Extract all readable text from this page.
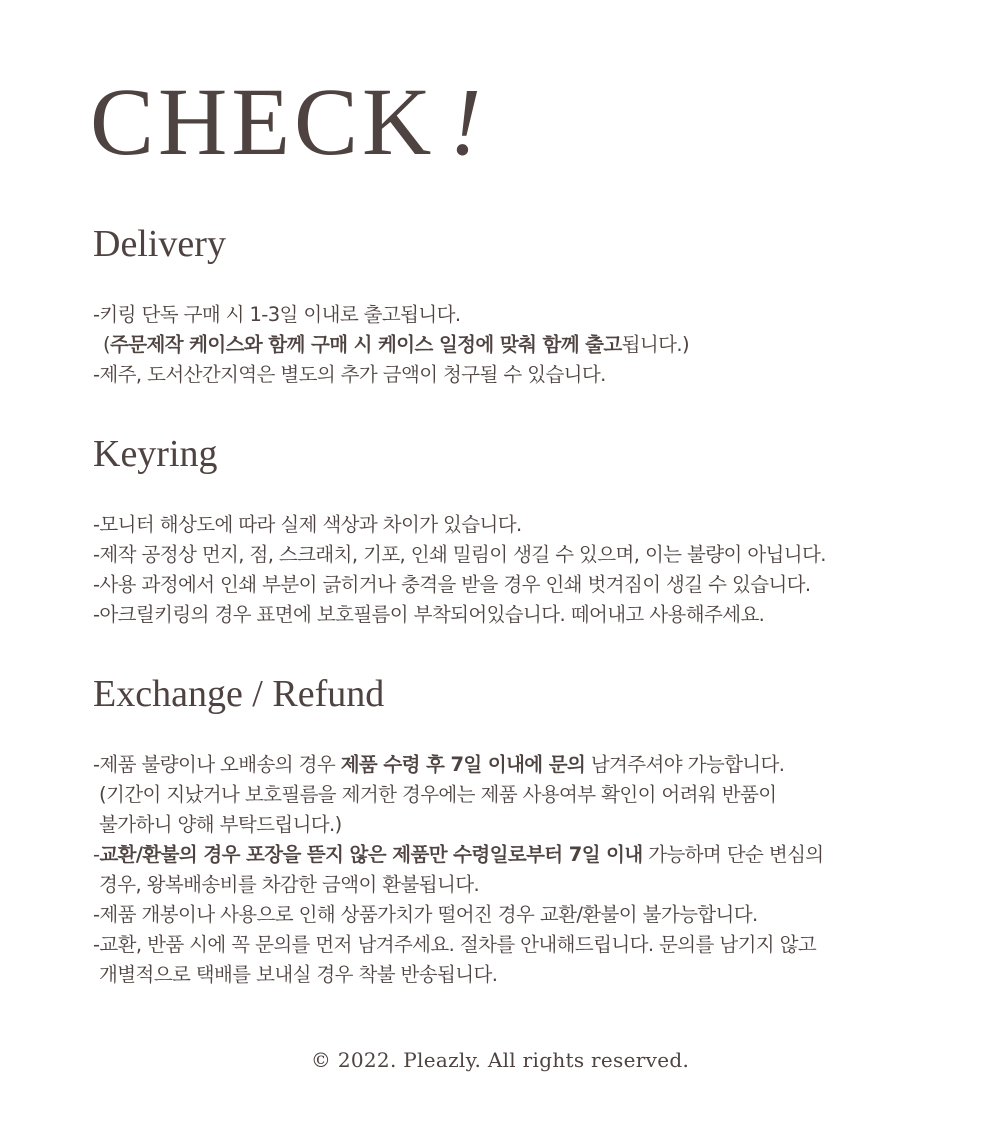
CHECK !
Delivery
-키링 단독 구매 시 1-3일 이내로 출고됩니다.
(주문제작 케이스와 함께 구매 시 케이스 일정에 맞춰 함께 출고됩니다.)
-제주, 도서산간지역은 별도의 추가 금액이 청구될 수 있습니다.
Keyring
-모니터 해상도에 따라 실제 색상과 차이가 있습니다.
-제작 공정상 먼지, 점, 스크래치, 기포, 인쇄 밀림이 생길 수 있으며, 이는 불량이 아닙니다.
-사용 과정에서 인쇄 부분이 긁히거나 충격을 받을 경우 인쇄 벗겨짐이 생길 수 있습니다.
-아크릴키링의 경우 표면에 보호필름이 부착되어있습니다. 떼어내고 사용해주세요.
Exchange / Refund
-제품 불량이나 오배송의 경우 제품 수령 후 7일 이내에 문의 남겨주셔야 가능합니다.
(기간이 지났거나 보호필름을 제거한 경우에는 제품 사용여부 확인이 어려워 반품이
불가하니 양해 부탁드립니다.)
-교환/환불의 경우 포장을 뜯지 않은 제품만 수령일로부터 7일 이내 가능하며 단순 변심의
경우, 왕복배송비를 차감한 금액이 환불됩니다.
-제품 개봉이나 사용으로 인해 상품가치가 떨어진 경우 교환/환불이 불가능합니다.
-교환, 반품 시에 꼭 문의를 먼저 남겨주세요. 절차를 안내해드립니다. 문의를 남기지 않고
개별적으로 택배를 보내실 경우 착불 반송됩니다.
© 2022. Pleazly. All rights reserved.
